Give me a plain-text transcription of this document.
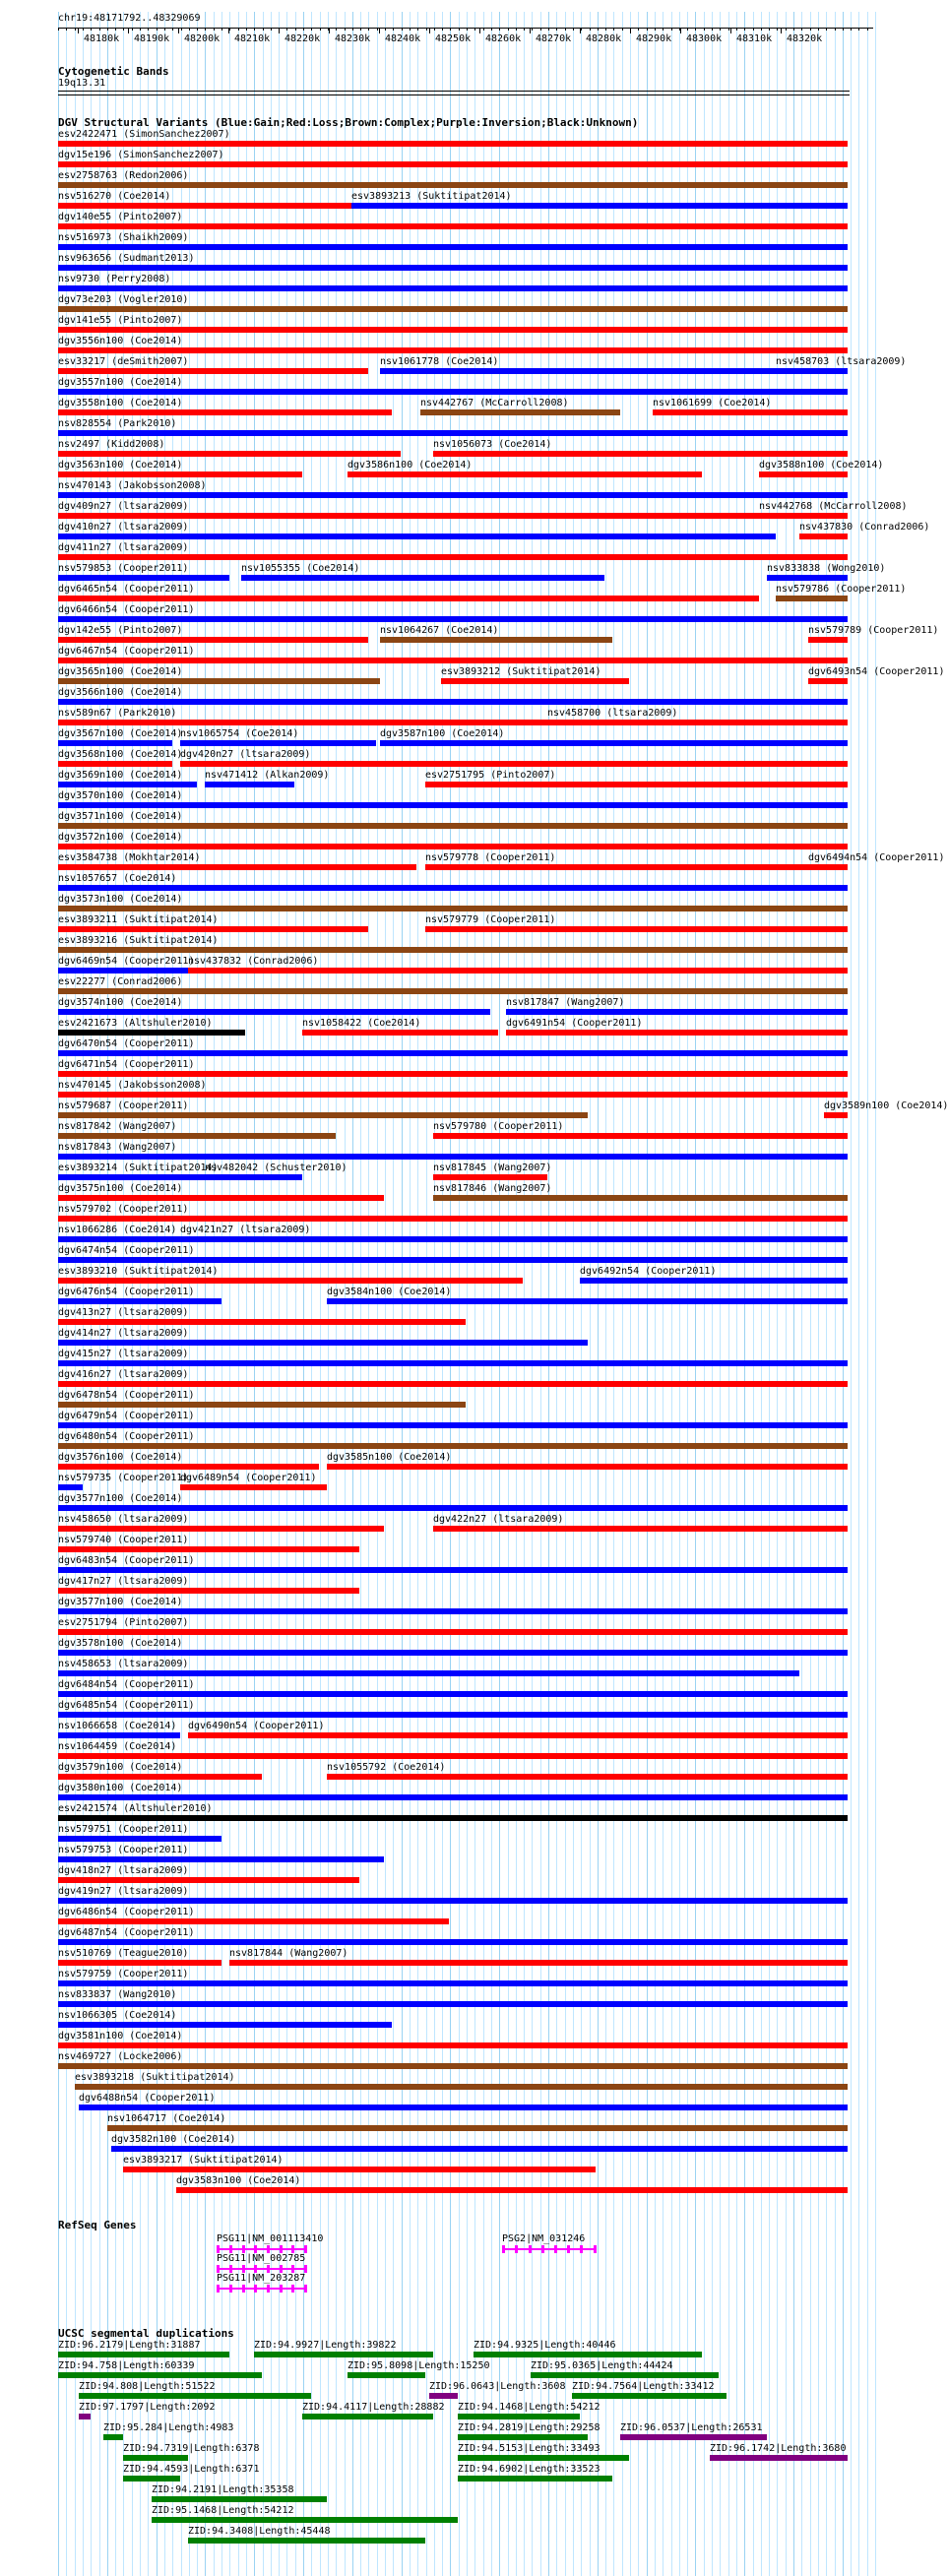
chr19:48171792..48329069
48180k 48190k 48200k 48210k 48220k 48230k 48240k 48250k 48260k 48270k 48280k 48290k 48300k 48310k 48320k
Cytogenetic Bands
19q13.31
DGV Structural Variants (Blue:Gain;Red:Loss;Brown:Complex;Purple:Inversion;Black:Unknown)
esv2422471 (SimonSanchez2007)
dgv15e196 (SimonSanchez2007)
esv2758763 (Redon2006)
nsv516270 (Coe2014)	esv3893213 (Suktitipat2014)
dgv140e55 (Pinto2007)
nsv516973 (Shaikh2009)
nsv963656 (Sudmant2013)
nsv9730 (Perry2008)
dgv73e203 (Vogler2010)
dgv141e55 (Pinto2007)
dgv3556n100 (Coe2014)
esv33217 (deSmith2007)	nsv1061778 (Coe2014)	nsv458703 (ltsara2009)
dgv3557n100 (Coe2014)
dgv3558n100 (Coe2014)	nsv442767 (McCarroll2008)	nsv1061699 (Coe2014)
nsv828554 (Park2010)
nsv2497 (Kidd2008)	nsv1056073 (Coe2014)
dgv3563n100 (Coe2014)	dgv3586n100 (Coe2014)	dgv3588n100 (Coe2014)
nsv470143 (Jakobsson2008)
dgv409n27 (ltsara2009)	nsv442768 (McCarroll2008)
dgv410n27 (ltsara2009)	nsv437830 (Conrad2006)
dgv411n27 (ltsara2009)
nsv579853 (Cooper2011)	nsv1055355 (Coe2014)	nsv833838 (Wong2010)
dgv6465n54 (Cooper2011)	nsv579786 (Cooper2011)
dgv6466n54 (Cooper2011)
dgv142e55 (Pinto2007)	nsv1064267 (Coe2014)	nsv579789 (Cooper2011)
dgv6467n54 (Cooper2011)
dgv3565n100 (Coe2014)	esv3893212 (Suktitipat2014)	dgv6493n54 (Cooper2011)
dgv3566n100 (Coe2014)
nsv589n67 (Park2010)	nsv458700 (ltsara2009)
dgv3567n100 (Coe2014)
nsv1065754 (Coe2014)	dgv3587n100 (Coe2014)
dgv3568n100 (Coe2014)
dgv420n27 (ltsara2009)
dgv3569n100 (Coe2014) nsv471412 (Alkan2009)	esv2751795 (Pinto2007)
dgv3570n100 (Coe2014)
dgv3571n100 (Coe2014)
dgv3572n100 (Coe2014)
esv3584738 (Mokhtar2014)	nsv579778 (Cooper2011)	dgv6494n54 (Cooper2011)
nsv1057657 (Coe2014)
dgv3573n100 (Coe2014)
esv3893211 (Suktitipat2014)	nsv579779 (Cooper2011)
esv3893216 (Suktitipat2014)
dgv6469n54 (Cooper2011)
nsv437832 (Conrad2006)
esv22277 (Conrad2006)
dgv3574n100 (Coe2014)	nsv817847 (Wang2007)
esv2421673 (Altshuler2010)	nsv1058422 (Coe2014)	dgv6491n54 (Cooper2011)
dgv6470n54 (Cooper2011)
dgv6471n54 (Cooper2011)
nsv470145 (Jakobsson2008)
nsv579687 (Cooper2011)	dgv3589n100 (Coe2014)
nsv817842 (Wang2007)	nsv579780 (Cooper2011)
nsv817843 (Wang2007)
esv3893214 (Suktitipat2014)
nsv482042 (Schuster2010)	nsv817845 (Wang2007)
dgv3575n100 (Coe2014)	nsv817846 (Wang2007)
nsv579702 (Cooper2011)
nsv1066286 (Coe2014) dgv421n27 (ltsara2009)
dgv6474n54 (Cooper2011)
esv3893210 (Suktitipat2014)	dgv6492n54 (Cooper2011)
dgv6476n54 (Cooper2011)	dgv3584n100 (Coe2014)
dgv413n27 (ltsara2009)
dgv414n27 (ltsara2009)
dgv415n27 (ltsara2009)
dgv416n27 (ltsara2009)
dgv6478n54 (Cooper2011)
dgv6479n54 (Cooper2011)
dgv6480n54 (Cooper2011)
dgv3576n100 (Coe2014)	dgv3585n100 (Coe2014)
nsv579735 (Cooper2011)
dgv6489n54 (Cooper2011)
dgv3577n100 (Coe2014)
nsv458650 (ltsara2009)	dgv422n27 (ltsara2009)
nsv579740 (Cooper2011)
dgv6483n54 (Cooper2011)
dgv417n27 (ltsara2009)
dgv3577n100 (Coe2014)
esv2751794 (Pinto2007)
dgv3578n100 (Coe2014)
nsv458653 (ltsara2009)
dgv6484n54 (Cooper2011)
dgv6485n54 (Cooper2011)
nsv1066658 (Coe2014) dgv6490n54 (Cooper2011)
nsv1064459 (Coe2014)
dgv3579n100 (Coe2014)	nsv1055792 (Coe2014)
dgv3580n100 (Coe2014)
esv2421574 (Altshuler2010)
nsv579751 (Cooper2011)
nsv579753 (Cooper2011)
dgv418n27 (ltsara2009)
dgv419n27 (ltsara2009)
dgv6486n54 (Cooper2011)
dgv6487n54 (Cooper2011)
nsv510769 (Teague2010)	nsv817844 (Wang2007)
nsv579759 (Cooper2011)
nsv833837 (Wang2010)
nsv1066305 (Coe2014)
dgv3581n100 (Coe2014)
nsv469727 (Locke2006)
esv3893218 (Suktitipat2014)
dgv6488n54 (Cooper2011)
nsv1064717 (Coe2014)
dgv3582n100 (Coe2014)
esv3893217 (Suktitipat2014)
dgv3583n100 (Coe2014)
RefSeq Genes
PSG11|NM_001113410	PSG2|NM_031246
PSG11|NM_002785
PSG11|NM_203287
UCSC segmental duplications
ZID:96.2179|Length:31887	ZID:94.9927|Length:39822	ZID:94.9325|Length:40446
ZID:94.758|Length:60339	ZID:95.8098|Length:15250	ZID:95.0365|Length:44424
ZID:94.808|Length:51522	ZID:96.0643|Length:3608 ZID:94.7564|Length:33412
ZID:97.1797|Length:2092	ZID:94.4117|Length:28882 ZID:94.1468|Length:54212
ZID:95.284|Length:4983	ZID:94.2819|Length:29258 ZID:96.0537|Length:26531
ZID:94.7319|Length:6378	ZID:94.5153|Length:33493	ZID:96.1742|Length:3680
ZID:94.4593|Length:6371	ZID:94.6902|Length:33523
ZID:94.2191|Length:35358
ZID:95.1468|Length:54212
ZID:94.3408|Length:45448
